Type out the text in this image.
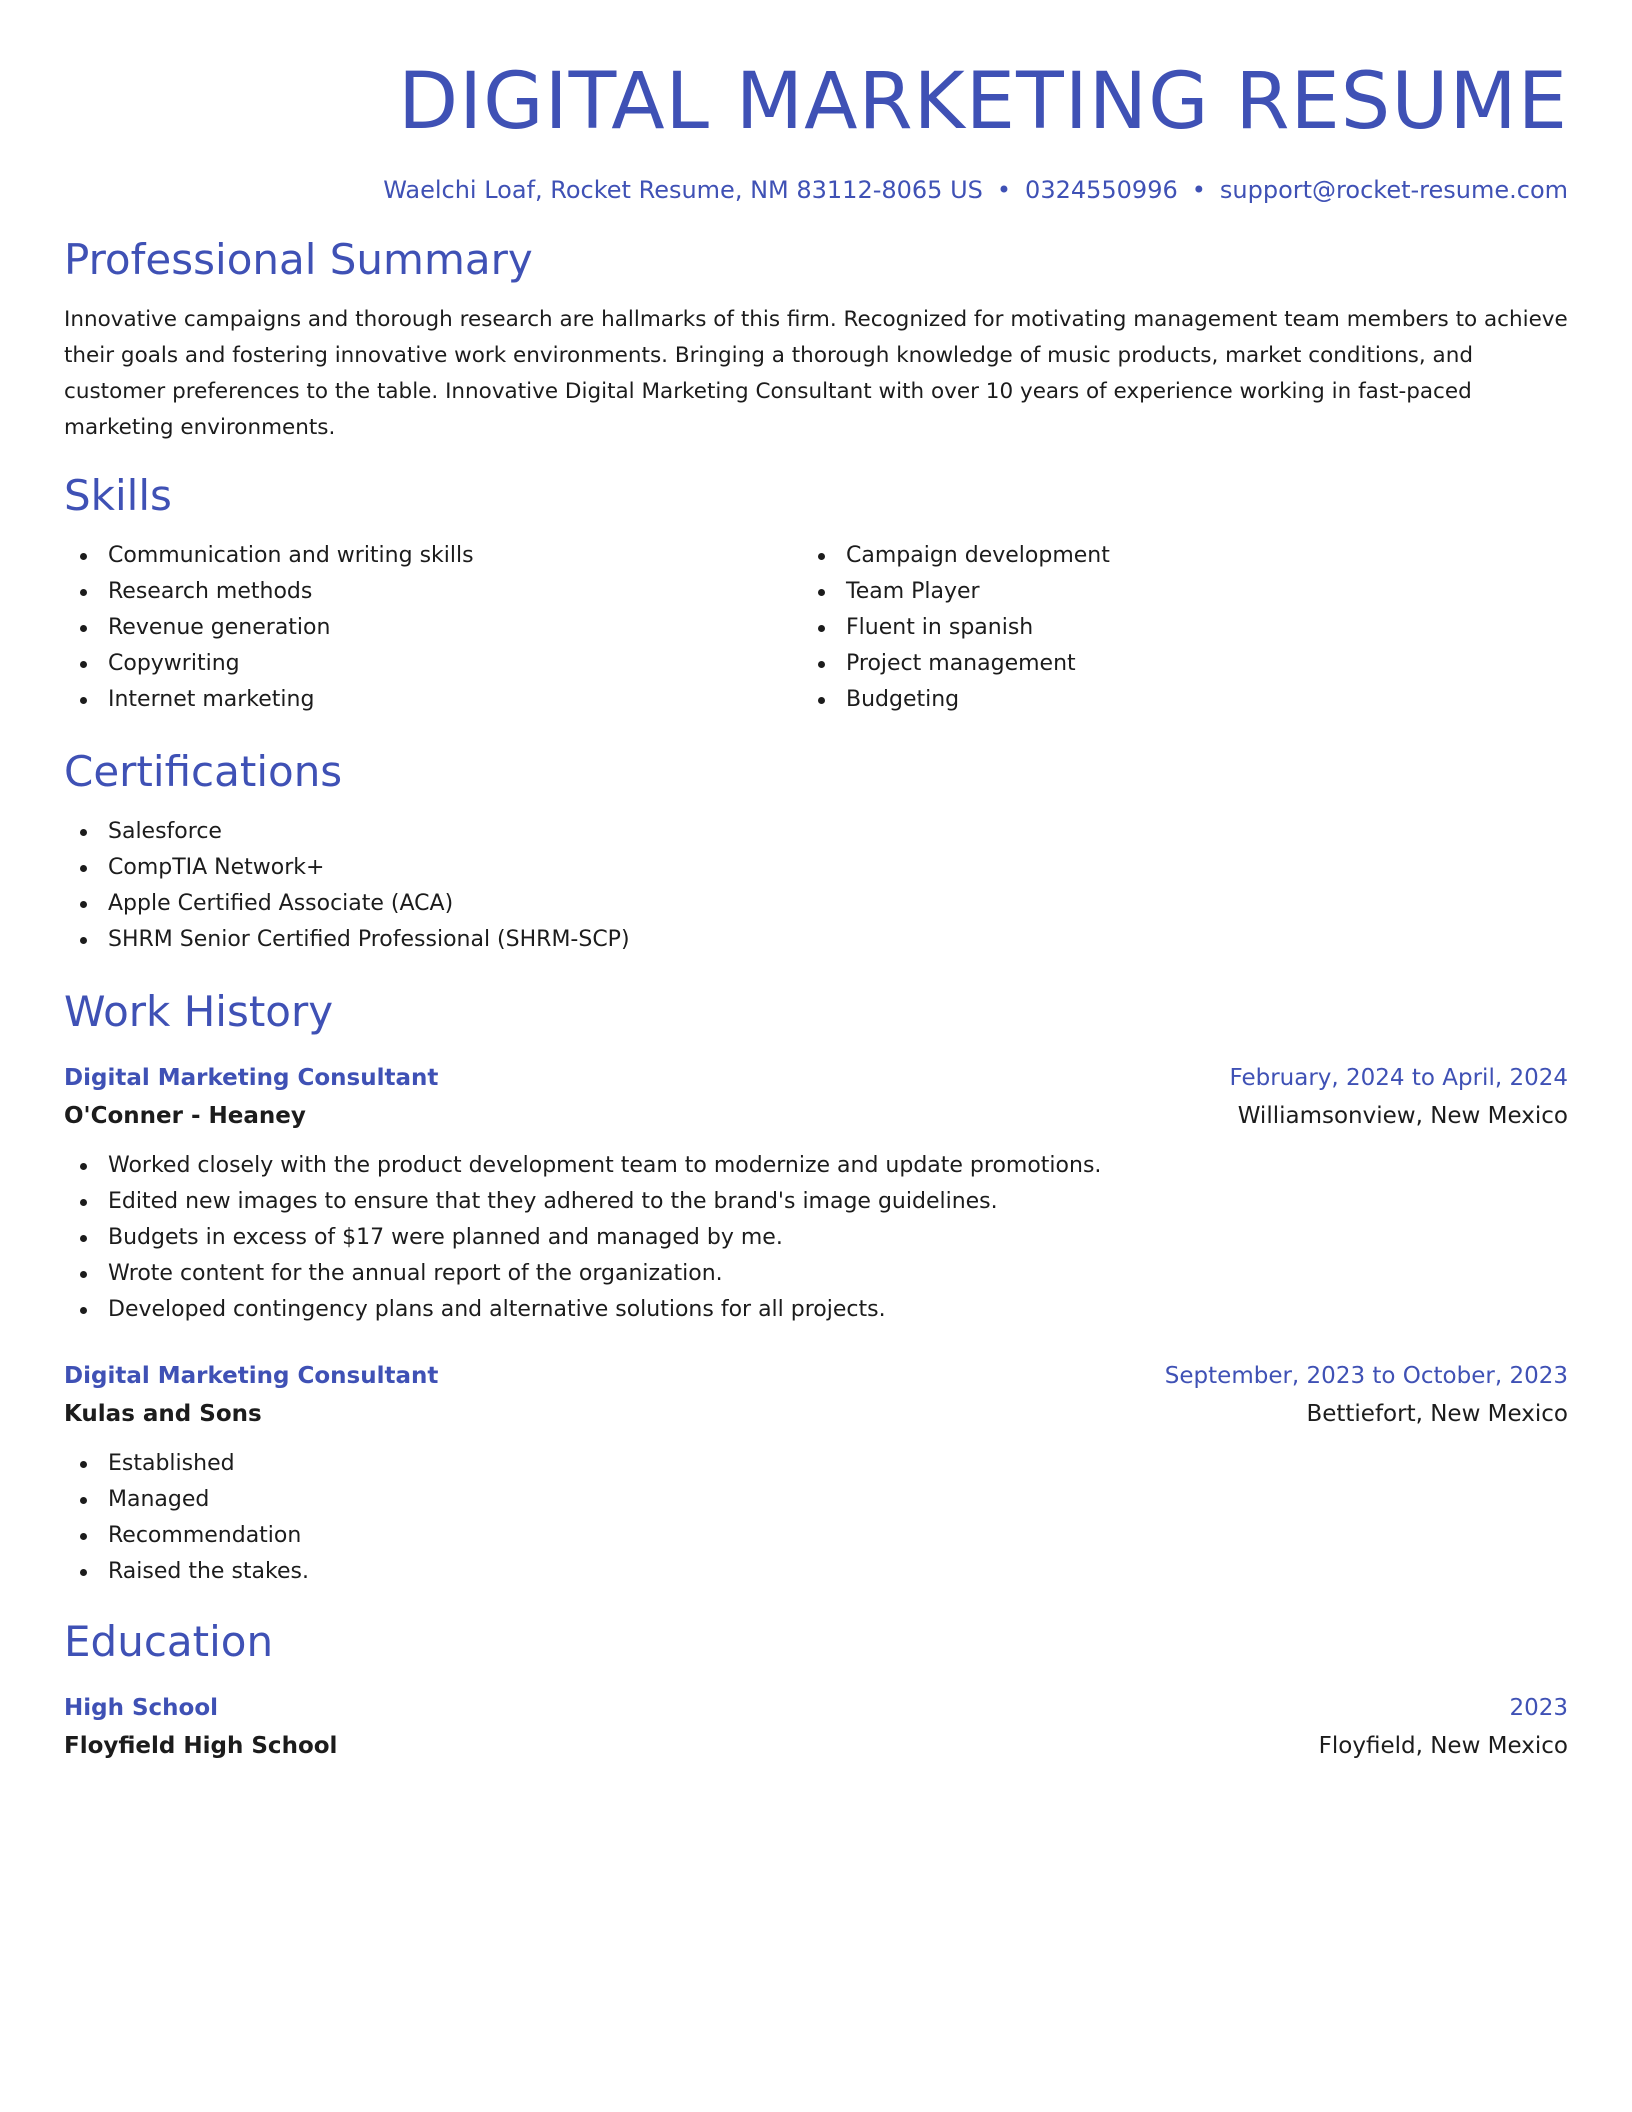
DIGITAL MARKETING RESUME
Waelchi Loaf, Rocket Resume, NM 83112-8065 US • 0324550996 • support@rocket-resume.com
Professional Summary

Innovative campaigns and thorough research are hallmarks of this firm. Recognized for motivating management team members to achieve their goals and fostering innovative work environments. Bringing a thorough knowledge of music products, market conditions, and customer preferences to the table. Innovative Digital Marketing Consultant with over 10 years of experience working in fast-paced marketing environments.

Skills
Communication and writing skills
Research methods
Revenue generation
Copywriting
Internet marketing
Campaign development
Team Player
Fluent in spanish
Project management
Budgeting
Certifications
Salesforce
CompTIA Network+
Apple Certified Associate (ACA)
SHRM Senior Certified Professional (SHRM-SCP)
Work History
Digital Marketing Consultant	February, 2024 to April, 2024
O'Conner - Heaney	Williamsonview, New Mexico
Worked closely with the product development team to modernize and update promotions.
Edited new images to ensure that they adhered to the brand's image guidelines.
Budgets in excess of $17 were planned and managed by me.
Wrote content for the annual report of the organization.
Developed contingency plans and alternative solutions for all projects.
Digital Marketing Consultant	September, 2023 to October, 2023
Kulas and Sons	Bettiefort, New Mexico
Established
Managed
Recommendation
Raised the stakes.
Education
High School	2023
Floyfield High School	Floyfield, New Mexico
